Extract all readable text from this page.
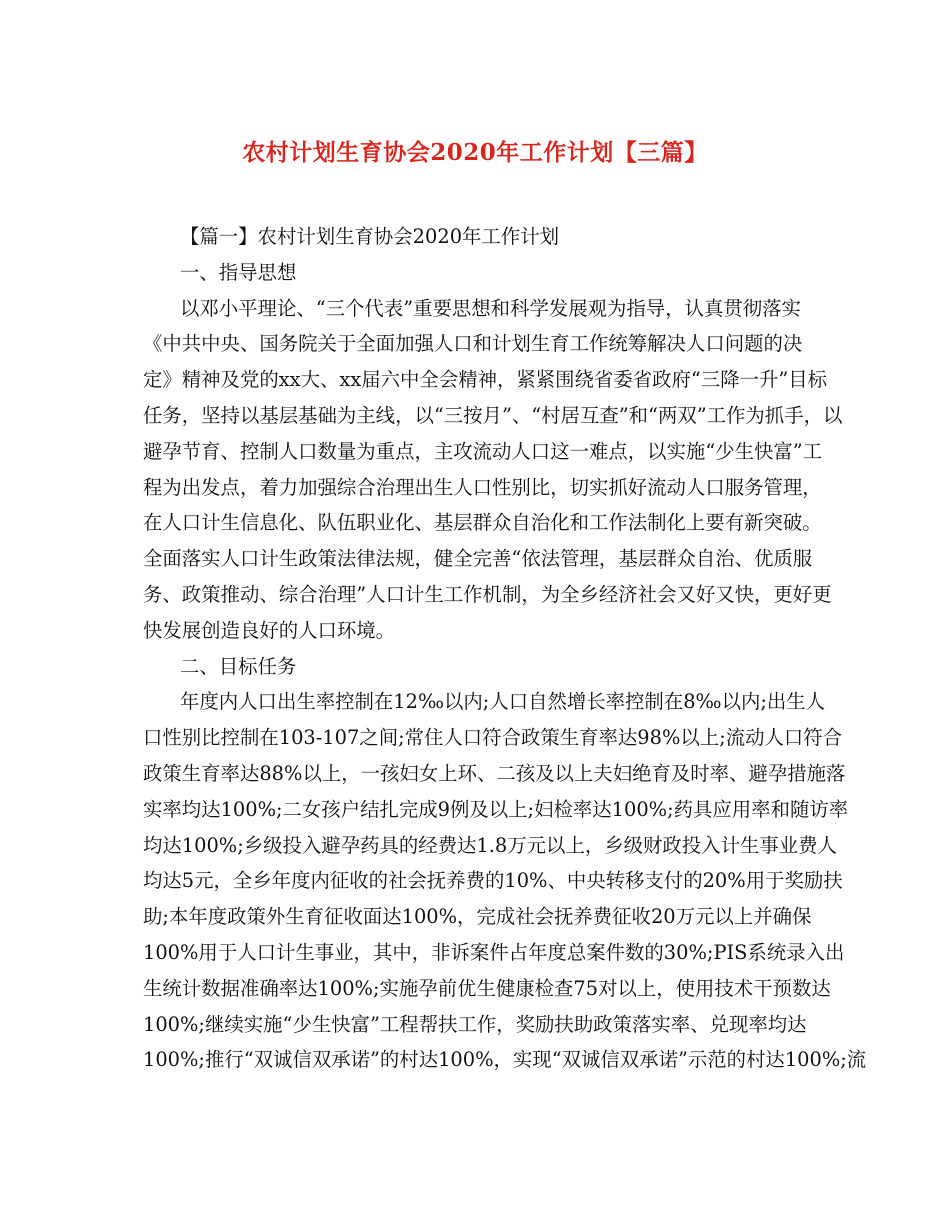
农村计划生育协会2020年工作计划【三篇】
【篇一】农村计划生育协会2020年工作计划
一、指导思想
以邓小平理论、“三个代表”重要思想和科学发展观为指导，认真贯彻落实
《中共中央、国务院关于全面加强人口和计划生育工作统筹解决人口问题的决
定》精神及党的xx大、xx届六中全会精神，紧紧围绕省委省政府“三降一升”目标
任务，坚持以基层基础为主线，以“三按月”、“村居互查”和“两双”工作为抓手，以
避孕节育、控制人口数量为重点，主攻流动人口这一难点，以实施“少生快富”工
程为出发点，着力加强综合治理出生人口性别比，切实抓好流动人口服务管理，
在人口计生信息化、队伍职业化、基层群众自治化和工作法制化上要有新突破。
全面落实人口计生政策法律法规，健全完善“依法管理，基层群众自治、优质服
务、政策推动、综合治理”人口计生工作机制，为全乡经济社会又好又快，更好更
快发展创造良好的人口环境。
二、目标任务
年度内人口出生率控制在12‰以内;人口自然增长率控制在8‰以内;出生人
口性别比控制在103-107之间;常住人口符合政策生育率达98%以上;流动人口符合
政策生育率达88%以上，一孩妇女上环、二孩及以上夫妇绝育及时率、避孕措施落
实率均达100%;二女孩户结扎完成9例及以上;妇检率达100%;药具应用率和随访率
均达100%;乡级投入避孕药具的经费达1.8万元以上，乡级财政投入计生事业费人
均达5元，全乡年度内征收的社会抚养费的10%、中央转移支付的20%用于奖励扶
助;本年度政策外生育征收面达100%，完成社会抚养费征收20万元以上并确保
100%用于人口计生事业，其中，非诉案件占年度总案件数的30%;PIS系统录入出
生统计数据准确率达100%;实施孕前优生健康检查75对以上，使用技术干预数达
100%;继续实施“少生快富”工程帮扶工作，奖励扶助政策落实率、兑现率均达
100%;推行“双诚信双承诺”的村达100%，实现“双诚信双承诺”示范的村达100%;流
